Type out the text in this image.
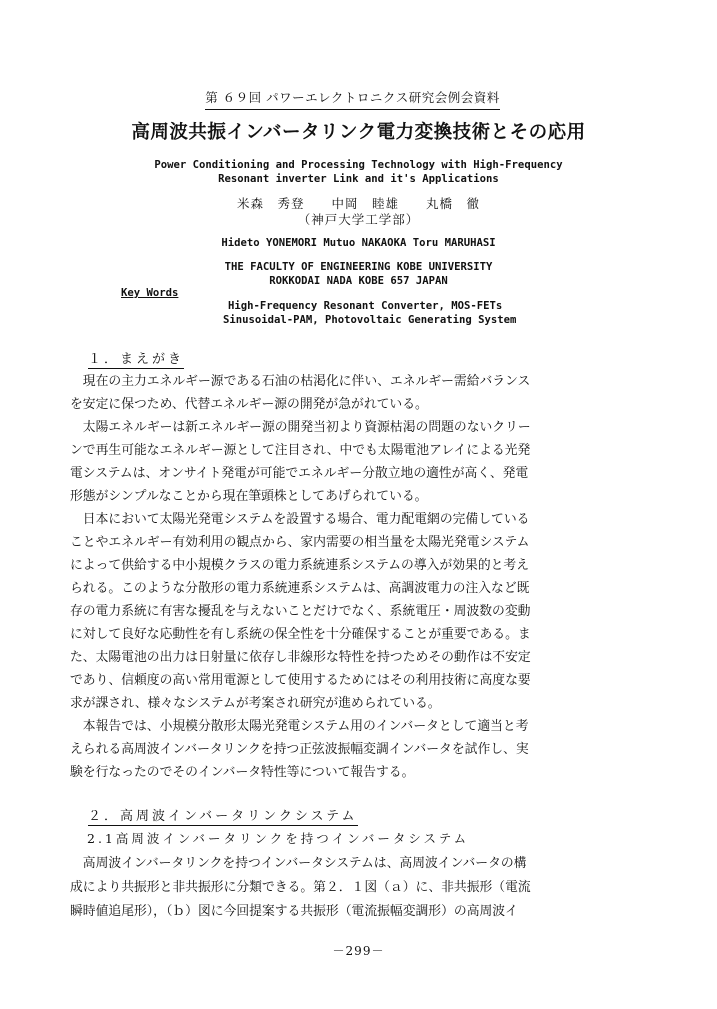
第 ６９回 パワーエレクトロニクス研究会例会資料
高周波共振インバータリンク電力変換技術とその応用
Power Conditioning and Processing Technology with High-Frequency
Resonant inverter Link and it's Applications
米森　秀登　　中岡　睦雄　　丸橋　徹
（神戸大学工学部）
Hideto YONEMORI Mutuo NAKAOKA Toru MARUHASI
THE FACULTY OF ENGINEERING KOBE UNIVERSITY
ROKKODAI NADA KOBE 657 JAPAN
Key Words
High-Frequency Resonant Converter, MOS-FETs
Sinusoidal-PAM, Photovoltaic Generating System
１．まえがき
　現在の主力エネルギー源である石油の枯渇化に伴い、エネルギー需給バランス
を安定に保つため、代替エネルギー源の開発が急がれている。
　太陽エネルギーは新エネルギー源の開発当初より資源枯渇の問題のないクリー
ンで再生可能なエネルギー源として注目され、中でも太陽電池アレイによる光発
電システムは、オンサイト発電が可能でエネルギー分散立地の適性が高く、発電
形態がシンプルなことから現在筆頭株としてあげられている。
　日本において太陽光発電システムを設置する場合、電力配電網の完備している
ことやエネルギー有効利用の観点から、家内需要の相当量を太陽光発電システム
によって供給する中小規模クラスの電力系統連系システムの導入が効果的と考え
られる。このような分散形の電力系統連系システムは、高調波電力の注入など既
存の電力系統に有害な擾乱を与えないことだけでなく、系統電圧・周波数の変動
に対して良好な応動性を有し系統の保全性を十分確保することが重要である。ま
た、太陽電池の出力は日射量に依存し非線形な特性を持つためその動作は不安定
であり、信頼度の高い常用電源として使用するためにはその利用技術に高度な要
求が課され、様々なシステムが考案され研究が進められている。
　本報告では、小規模分散形太陽光発電システム用のインバータとして適当と考
えられる高周波インバータリンクを持つ正弦波振幅変調インバータを試作し、実
験を行なったのでそのインバータ特性等について報告する。
２．高周波インバータリンクシステム
2.1高周波インバータリンクを持つインバータシステム
　高周波インバータリンクを持つインバータシステムは、高周波インバータの構
成により共振形と非共振形に分類できる。第２．１図（ａ）に、非共振形（電流
瞬時値追尾形），（ｂ）図に今回提案する共振形（電流振幅変調形）の高周波イ
－299－
